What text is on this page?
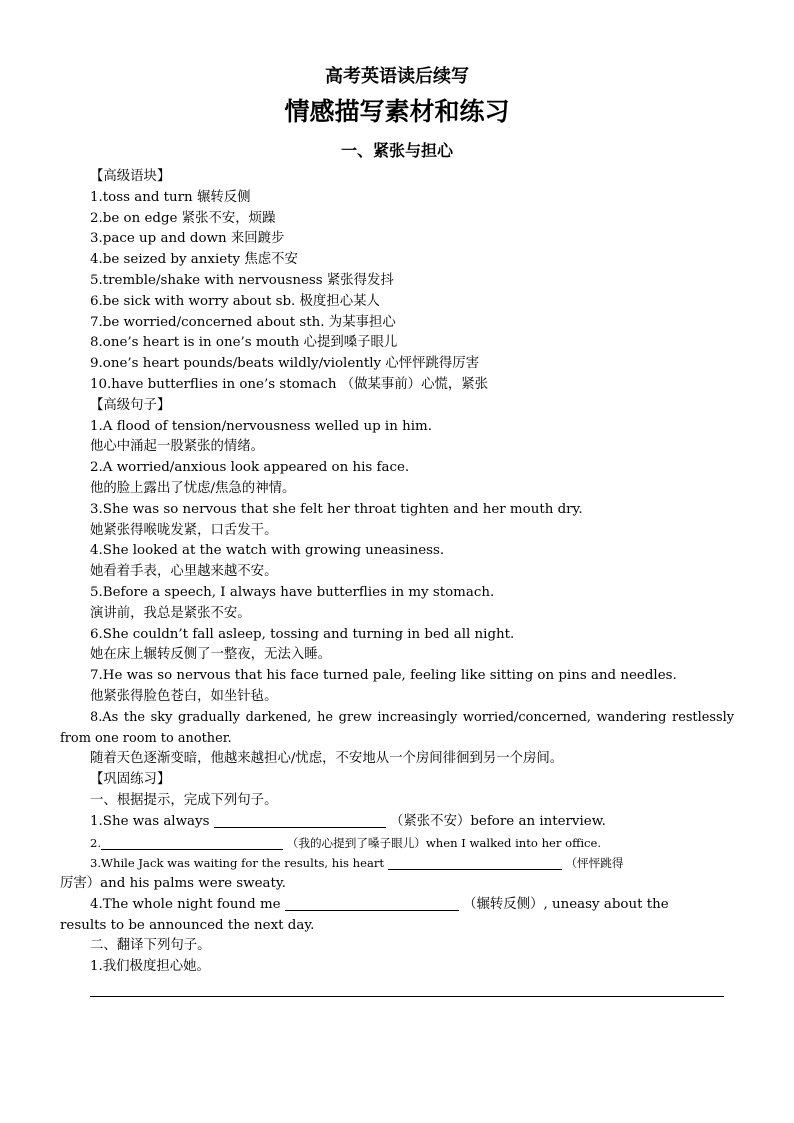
高考英语读后续写
情感描写素材和练习
一、紧张与担心
【高级语块】
1.toss and turn 辗转反侧
2.be on edge 紧张不安，烦躁
3.pace up and down 来回踱步
4.be seized by anxiety 焦虑不安
5.tremble/shake with nervousness 紧张得发抖
6.be sick with worry about sb. 极度担心某人
7.be worried/concerned about sth. 为某事担心
8.one’s heart is in one’s mouth 心提到嗓子眼儿
9.one’s heart pounds/beats wildly/violently 心怦怦跳得厉害
10.have butterflies in one’s stomach （做某事前）心慌，紧张
【高级句子】
1.A flood of tension/nervousness welled up in him.
他心中涌起一股紧张的情绪。
2.A worried/anxious look appeared on his face.
他的脸上露出了忧虑/焦急的神情。
3.She was so nervous that she felt her throat tighten and her mouth dry.
她紧张得喉咙发紧，口舌发干。
4.She looked at the watch with growing uneasiness.
她看着手表，心里越来越不安。
5.Before a speech, I always have butterflies in my stomach.
演讲前，我总是紧张不安。
6.She couldn’t fall asleep, tossing and turning in bed all night.
她在床上辗转反侧了一整夜，无法入睡。
7.He was so nervous that his face turned pale, feeling like sitting on pins and needles.
他紧张得脸色苍白，如坐针毡。
8.As the sky gradually darkened, he grew increasingly worried/concerned, wandering restlessly from one room to another.
随着天色逐渐变暗，他越来越担心/忧虑，不安地从一个房间徘徊到另一个房间。
【巩固练习】
一、根据提示，完成下列句子。
1.She was always	（紧张不安）before an interview.
2.	（我的心提到了嗓子眼儿）when I walked into her office.
3.While Jack was waiting for the results, his heart	（怦怦跳得
厉害）and his palms were sweaty.
4.The whole night found me	（辗转反侧）, uneasy about the
results to be announced the next day.
二、翻译下列句子。
1.我们极度担心她。
